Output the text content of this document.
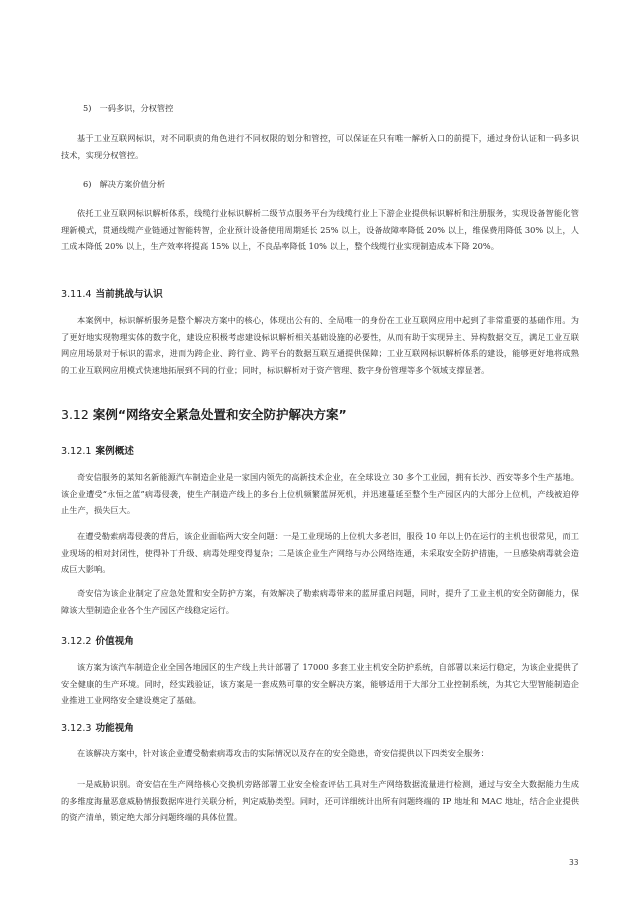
5)　一码多识，分权管控
基于工业互联网标识，对不同职责的角色进行不同权限的划分和管控，可以保证在只有唯一解析入口的前提下，通过身份认证和一码多识技术，实现分权管控。
6)　解决方案价值分析
依托工业互联网标识解析体系，线缆行业标识解析二级节点服务平台为线缆行业上下游企业提供标识解析和注册服务，实现设备智能化管理新模式，贯通线缆产业链通过智能转智，企业预计设备使用周期延长 25% 以上，设备故障率降低 20% 以上，维保费用降低 30% 以上，人工成本降低 20% 以上，生产效率将提高 15% 以上，不良品率降低 10% 以上，整个线缆行业实现制造成本下降 20%。
3.11.4 当前挑战与认识
本案例中，标识解析服务是整个解决方案中的核心，体现出公有的、全局唯一的身份在工业互联网应用中起到了非常重要的基础作用。为了更好地实现物理实体的数字化，建设应积极考虑建设标识解析相关基础设施的必要性，从而有助于实现异主、异构数据交互，满足工业互联网应用场景对于标识的需求，进而为跨企业、跨行业、跨平台的数据互联互通提供保障；工业互联网标识解析体系的建设，能够更好地将成熟的工业互联网应用模式快速地拓展到不同的行业；同时，标识解析对于资产管理、数字身份管理等多个领域支撑显著。
3.12 案例“网络安全紧急处置和安全防护解决方案”
3.12.1 案例概述
奇安信服务的某知名新能源汽车制造企业是一家国内领先的高新技术企业，在全球设立 30 多个工业园，拥有长沙、西安等多个生产基地。该企业遭受“永恒之蓝”病毒侵袭，使生产制造产线上的多台上位机频繁蓝屏死机，并迅速蔓延至整个生产园区内的大部分上位机，产线被迫停止生产，损失巨大。
在遭受勒索病毒侵袭的背后，该企业面临两大安全问题：一是工业现场的上位机大多老旧，服役 10 年以上仍在运行的主机也很常见，而工业现场的相对封闭性，使得补丁升级、病毒处理变得复杂；二是该企业生产网络与办公网络连通，未采取安全防护措施，一旦感染病毒就会造成巨大影响。
奇安信为该企业制定了应急处置和安全防护方案，有效解决了勒索病毒带来的蓝屏重启问题，同时，提升了工业主机的安全防御能力，保障该大型制造企业各个生产园区产线稳定运行。
3.12.2 价值视角
该方案为该汽车制造企业全国各地园区的生产线上共计部署了 17000 多套工业主机安全防护系统，自部署以来运行稳定，为该企业提供了安全健康的生产环境。同时，经实践验证，该方案是一套成熟可靠的安全解决方案，能够适用于大部分工业控制系统，为其它大型智能制造企业推进工业网络安全建设奠定了基础。
3.12.3 功能视角
在该解决方案中，针对该企业遭受勒索病毒攻击的实际情况以及存在的安全隐患，奇安信提供以下四类安全服务：
一是威胁识别。奇安信在生产网络核心交换机旁路部署工业安全检查评估工具对生产网络数据流量进行检测，通过与安全大数据能力生成的多维度海量恶意威胁情报数据库进行关联分析，判定威胁类型。同时，还可详细统计出所有问题终端的 IP 地址和 MAC 地址，结合企业提供的资产清单，锁定绝大部分问题终端的具体位置。
33
